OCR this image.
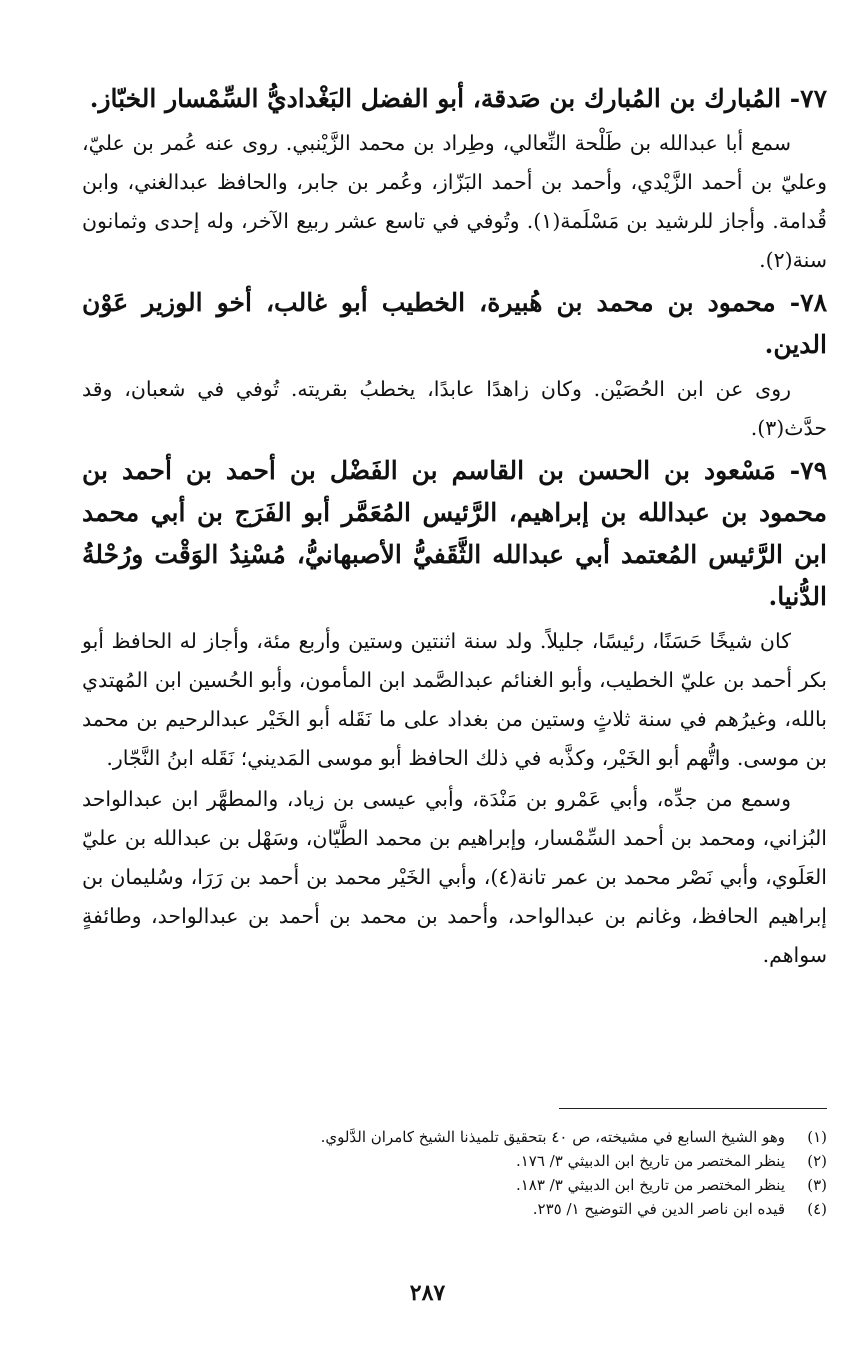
٧٧- المُبارك بن المُبارك بن صَدقة، أبو الفضل البَغْداديُّ السِّمْسار الخبّاز.

سمع أبا عبدالله بن طَلْحة النِّعالي، وطِراد بن محمد الزَّيْنبي. روى عنه عُمر بن عليّ، وعليّ بن أحمد الزَّيْدي، وأحمد بن أحمد البَزّاز، وعُمر بن جابر، والحافظ عبدالغني، وابن قُدامة. وأجاز للرشيد بن مَسْلَمة(١). وتُوفي في تاسع عشر ربيع الآخر، وله إحدى وثمانون سنة(٢).

٧٨- محمود بن محمد بن هُبيرة، الخطيب أبو غالب، أخو الوزير عَوْن الدين.

روى عن ابن الحُصَيْن. وكان زاهدًا عابدًا، يخطبُ بقريته. تُوفي في شعبان، وقد حدَّث(٣).

٧٩- مَسْعود بن الحسن بن القاسم بن الفَضْل بن أحمد بن أحمد بن محمود بن عبدالله بن إبراهيم، الرَّئيس المُعَمَّر أبو الفَرَج بن أبي محمد ابن الرَّئيس المُعتمد أبي عبدالله الثَّقَفيُّ الأصبهانيُّ، مُسْنِدُ الوَقْت ورُحْلةُ الدُّنيا.

كان شيخًا حَسَنًا، رئيسًا، جليلاً. ولد سنة اثنتين وستين وأربع مئة، وأجاز له الحافظ أبو بكر أحمد بن عليّ الخطيب، وأبو الغنائم عبدالصَّمد ابن المأمون، وأبو الحُسين ابن المُهتدي بالله، وغيرُهم في سنة ثلاثٍ وستين من بغداد على ما نَقَله أبو الخَيْر عبدالرحيم بن محمد بن موسى. واتُّهم أبو الخَيْر، وكذَّبه في ذلك الحافظ أبو موسى المَديني؛ نَقَله ابنُ النَّجّار.

وسمع من جدِّه، وأبي عَمْرو بن مَنْدَة، وأبي عيسى بن زياد، والمطهَّر ابن عبدالواحد البُزاني، ومحمد بن أحمد السِّمْسار، وإبراهيم بن محمد الطَّيّان، وسَهْل بن عبدالله بن عليّ العَلَوي، وأبي نَصْر محمد بن عمر تانة(٤)، وأبي الخَيْر محمد بن أحمد بن رَرَا، وسُليمان بن إبراهيم الحافظ، وغانم بن عبدالواحد، وأحمد بن محمد بن أحمد بن عبدالواحد، وطائفةٍ سواهم.

(١)وهو الشيخ السابع في مشيخته، ص ٤٠ بتحقيق تلميذنا الشيخ كامران الدَّلوي.

(٢)ينظر المختصر من تاريخ ابن الدبيثي ٣/ ١٧٦.

(٣)ينظر المختصر من تاريخ ابن الدبيثي ٣/ ١٨٣.

(٤)قيده ابن ناصر الدين في التوضيح ١/ ٢٣٥.

٢٨٧
